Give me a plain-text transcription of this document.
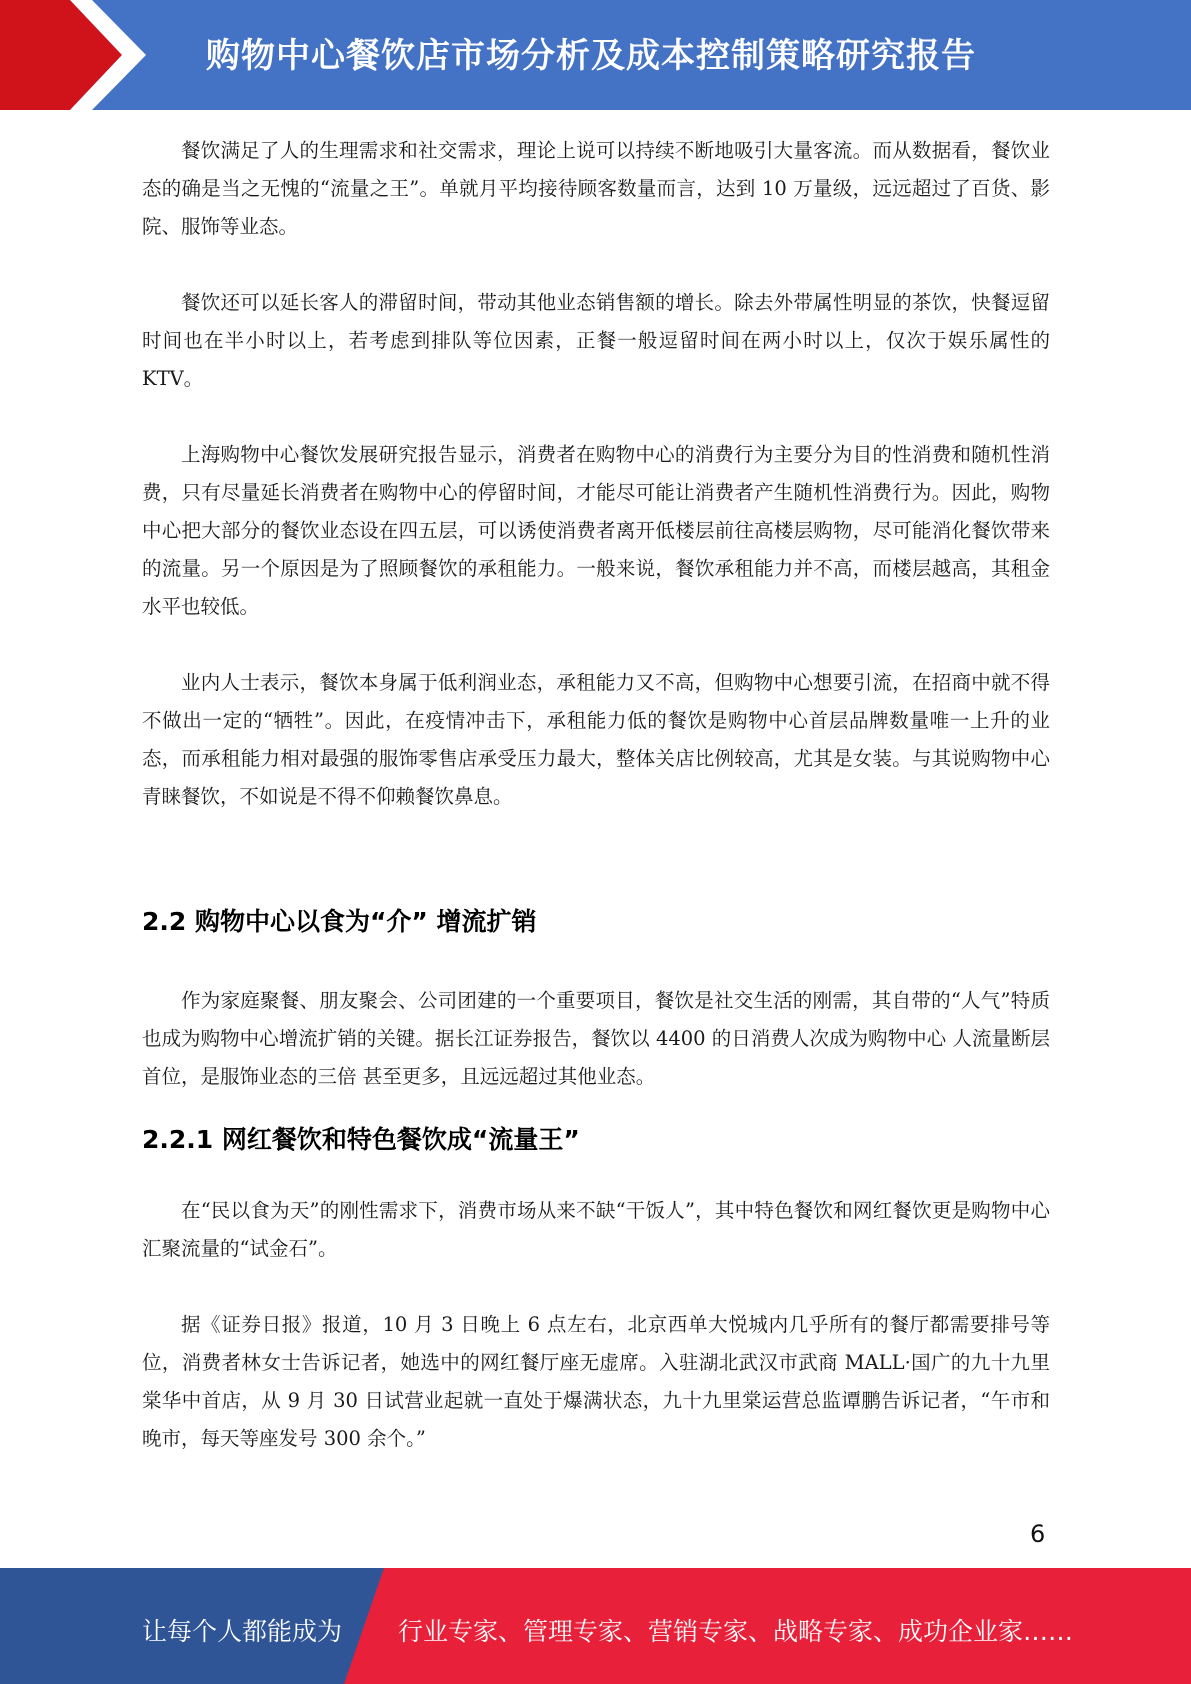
购物中心餐饮店市场分析及成本控制策略研究报告

餐饮满足了人的生理需求和社交需求，理论上说可以持续不断地吸引大量客流。而从数据看，餐饮业态的确是当之无愧的“流量之王”。单就月平均接待顾客数量而言，达到 10 万量级，远远超过了百货、影院、服饰等业态。

餐饮还可以延长客人的滞留时间，带动其他业态销售额的增长。除去外带属性明显的茶饮，快餐逗留时间也在半小时以上，若考虑到排队等位因素，正餐一般逗留时间在两小时以上，仅次于娱乐属性的 KTV。

上海购物中心餐饮发展研究报告显示，消费者在购物中心的消费行为主要分为目的性消费和随机性消费，只有尽量延长消费者在购物中心的停留时间，才能尽可能让消费者产生随机性消费行为。因此，购物中心把大部分的餐饮业态设在四五层，可以诱使消费者离开低楼层前往高楼层购物，尽可能消化餐饮带来的流量。另一个原因是为了照顾餐饮的承租能力。一般来说，餐饮承租能力并不高，而楼层越高，其租金水平也较低。

业内人士表示，餐饮本身属于低利润业态，承租能力又不高，但购物中心想要引流，在招商中就不得不做出一定的“牺牲”。因此，在疫情冲击下，承租能力低的餐饮是购物中心首层品牌数量唯一上升的业态，而承租能力相对最强的服饰零售店承受压力最大，整体关店比例较高，尤其是女装。与其说购物中心青睐餐饮，不如说是不得不仰赖餐饮鼻息。

2.2 购物中心以食为“介” 增流扩销

作为家庭聚餐、朋友聚会、公司团建的一个重要项目，餐饮是社交生活的刚需，其自带的“人气”特质也成为购物中心增流扩销的关键。据长江证券报告，餐饮以 4400 的日消费人次成为购物中心 人流量断层首位，是服饰业态的三倍 甚至更多，且远远超过其他业态。

2.2.1 网红餐饮和特色餐饮成“流量王”

在“民以食为天”的刚性需求下，消费市场从来不缺“干饭人”，其中特色餐饮和网红餐饮更是购物中心汇聚流量的“试金石”。

据《证券日报》报道，10 月 3 日晚上 6 点左右，北京西单大悦城内几乎所有的餐厅都需要排号等位，消费者林女士告诉记者，她选中的网红餐厅座无虚席。入驻湖北武汉市武商 MALL·国广的九十九里棠华中首店，从 9 月 30 日试营业起就一直处于爆满状态，九十九里棠运营总监谭鹏告诉记者，“午市和晚市，每天等座发号 300 余个。”

6
让每个人都能成为 行业专家、管理专家、营销专家、战略专家、成功企业家……
